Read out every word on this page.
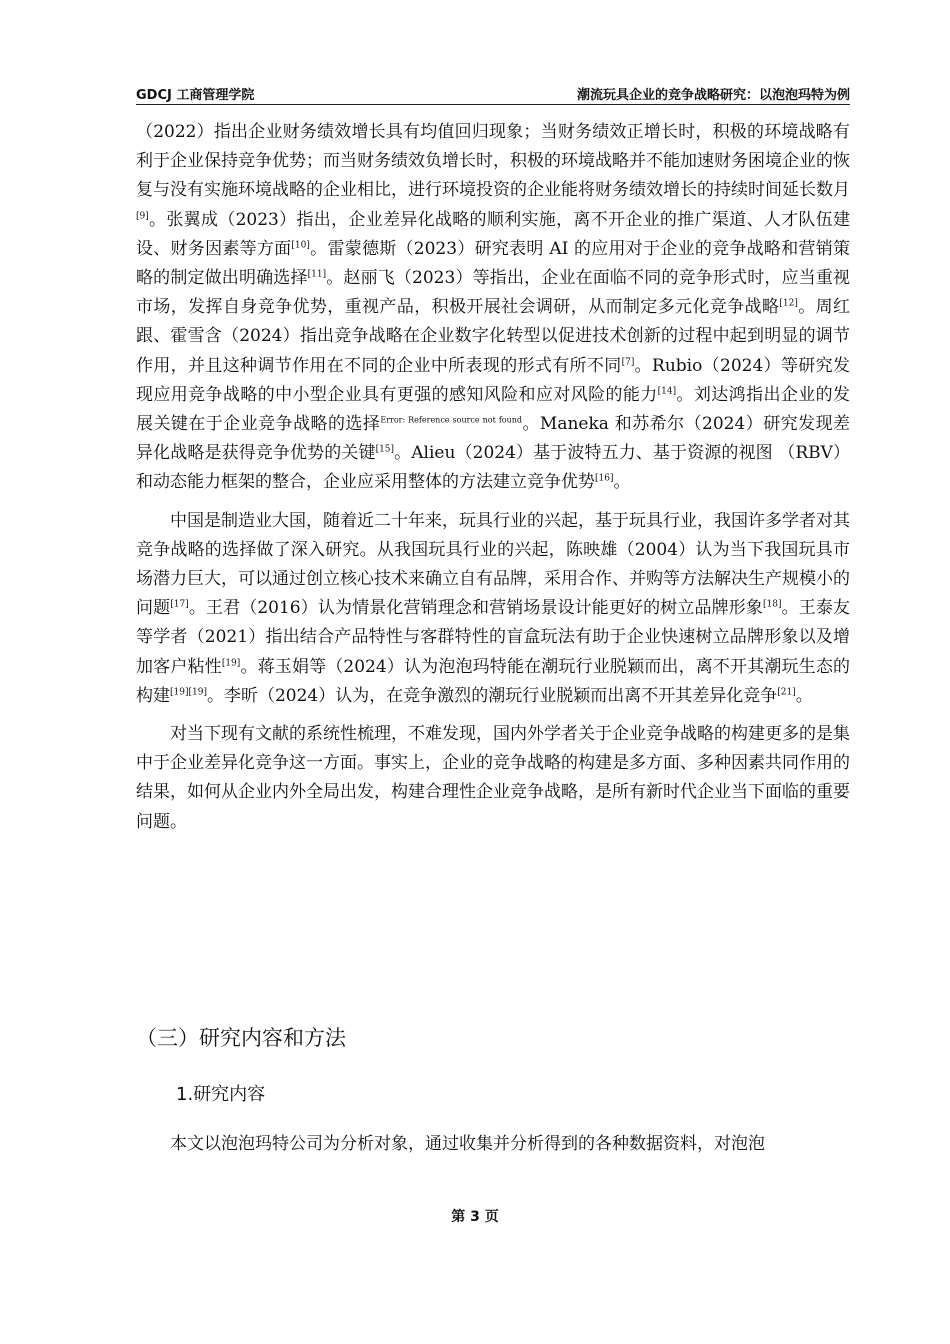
GDCJ 工商管理学院	潮流玩具企业的竞争战略研究：以泡泡玛特为例

（2022）指出企业财务绩效增长具有均值回归现象；当财务绩效正增长时，积极的环境战略有利于企业保持竞争优势；而当财务绩效负增长时，积极的环境战略并不能加速财务困境企业的恢复与没有实施环境战略的企业相比，进行环境投资的企业能将财务绩效增长的持续时间延长数月[9]。张翼成（2023）指出，企业差异化战略的顺利实施，离不开企业的推广渠道、人才队伍建设、财务因素等方面[10]。雷蒙德斯（2023）研究表明 AI 的应用对于企业的竞争战略和营销策略的制定做出明确选择[11]。赵丽飞（2023）等指出，企业在面临不同的竞争形式时，应当重视市场，发挥自身竞争优势，重视产品，积极开展社会调研，从而制定多元化竞争战略[12]。周红跟、霍雪含（2024）指出竞争战略在企业数字化转型以促进技术创新的过程中起到明显的调节作用，并且这种调节作用在不同的企业中所表现的形式有所不同[7]。Rubio（2024）等研究发现应用竞争战略的中小型企业具有更强的感知风险和应对风险的能力[14]。刘达鸿指出企业的发展关键在于企业竞争战略的选择$^{Error: Reference source not found}$。Maneka 和苏希尔（2024）研究发现差异化战略是获得竞争优势的关键[15]。Alieu（2024）基于波特五力、基于资源的视图 （RBV） 和动态能力框架的整合，企业应采用整体的方法建立竞争优势[16]。

中国是制造业大国，随着近二十年来，玩具行业的兴起，基于玩具行业，我国许多学者对其竞争战略的选择做了深入研究。从我国玩具行业的兴起，陈映雄（2004）认为当下我国玩具市场潜力巨大，可以通过创立核心技术来确立自有品牌，采用合作、并购等方法解决生产规模小的问题[17]。王君（2016）认为情景化营销理念和营销场景设计能更好的树立品牌形象[18]。王泰友等学者（2021）指出结合产品特性与客群特性的盲盒玩法有助于企业快速树立品牌形象以及增加客户粘性[19]。蒋玉娟等（2024）认为泡泡玛特能在潮玩行业脱颖而出，离不开其潮玩生态的构建[19][19]。李昕（2024）认为，在竞争激烈的潮玩行业脱颖而出离不开其差异化竞争[21]。

对当下现有文献的系统性梳理，不难发现，国内外学者关于企业竞争战略的构建更多的是集中于企业差异化竞争这一方面。事实上，企业的竞争战略的构建是多方面、多种因素共同作用的结果，如何从企业内外全局出发，构建合理性企业竞争战略，是所有新时代企业当下面临的重要问题。

（三）研究内容和方法
1.研究内容
本文以泡泡玛特公司为分析对象，通过收集并分析得到的各种数据资料，对泡泡
第 3 页
